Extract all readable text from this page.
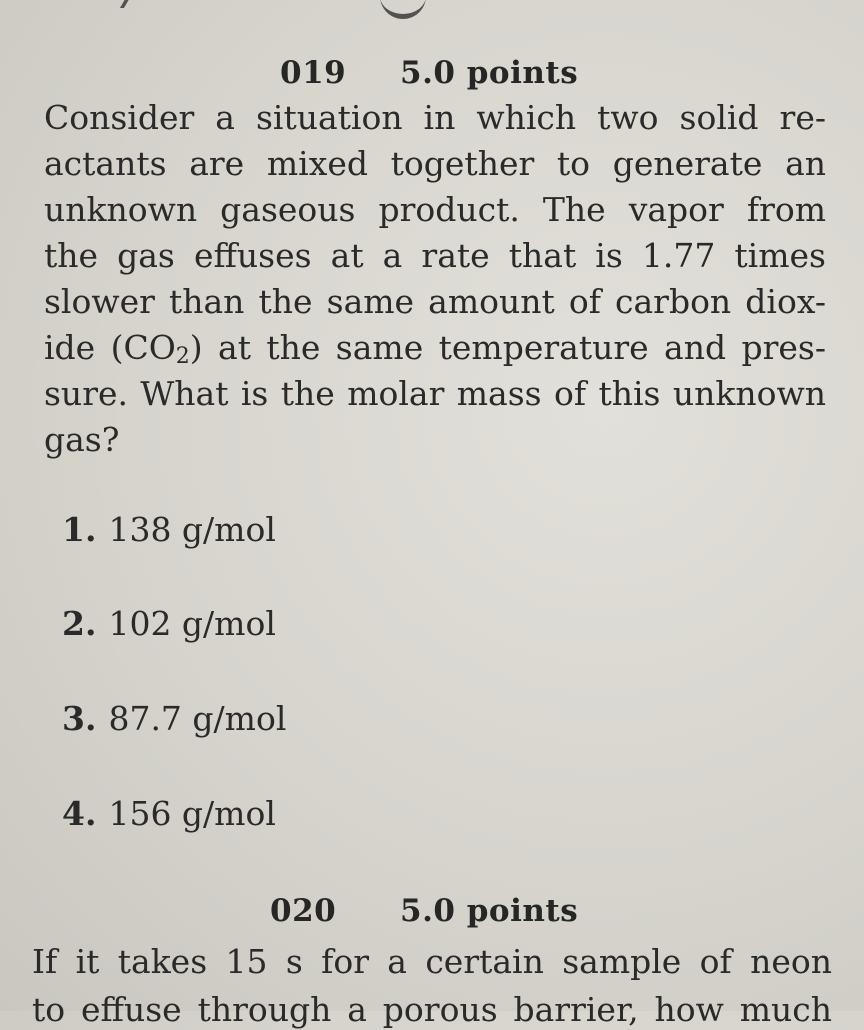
019 5.0 points
Consider a situation in which two solid re-
actants are mixed together to generate an
unknown gaseous product. The vapor from
the gas effuses at a rate that is 1.77 times
slower than the same amount of carbon diox-
ide $(CO_2)$ at the same temperature and pres-
sure. What is the molar mass of this unknown
gas?
1. 138 g/mol
2. 102 g/mol
3. 87.7 g/mol
4. 156 g/mol
020 5.0 points
If it takes 15 s for a certain sample of neon
to effuse through a porous barrier, how much
